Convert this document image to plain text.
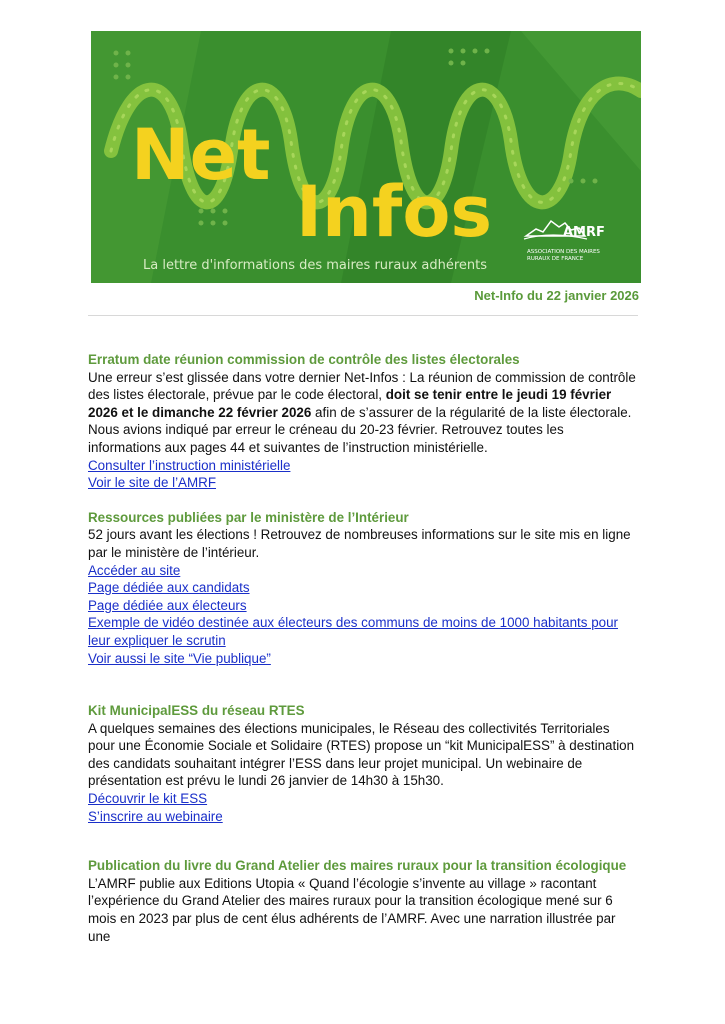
Net
Infos
La lettre d'informations des maires ruraux adhérents
AMRF
ASSOCIATION DES MAIRES
RURAUX DE FRANCE
Net-Info du 22 janvier 2026
Erratum date réunion commission de contrôle des listes électorales
Une erreur s’est glissée dans votre dernier Net-Infos : La réunion de commission de contrôle des listes électorale, prévue par le code électoral, doit se tenir entre le jeudi 19 février 2026 et le dimanche 22 février 2026 afin de s’assurer de la régularité de la liste électorale. Nous avions indiqué par erreur le créneau du 20-23 février. Retrouvez toutes les informations aux pages 44 et suivantes de l’instruction ministérielle.
Consulter l’instruction ministérielle
Voir le site de l’AMRF
Ressources publiées par le ministère de l’Intérieur
52 jours avant les élections ! Retrouvez de nombreuses informations sur le site mis en ligne par le ministère de l’intérieur.
Accéder au site
Page dédiée aux candidats
Page dédiée aux électeurs
Exemple de vidéo destinée aux électeurs des communs de moins de 1000 habitants pour leur expliquer le scrutin
Voir aussi le site “Vie publique”
Kit MunicipalESS du réseau RTES
A quelques semaines des élections municipales, le Réseau des collectivités Territoriales pour une Économie Sociale et Solidaire (RTES) propose un “kit MunicipalESS” à destination des candidats souhaitant intégrer l’ESS dans leur projet municipal. Un webinaire de présentation est prévu le lundi 26 janvier de 14h30 à 15h30.
Découvrir le kit ESS
S’inscrire au webinaire
Publication du livre du Grand Atelier des maires ruraux pour la transition écologique
L’AMRF publie aux Editions Utopia « Quand l’écologie s’invente au village » racontant l’expérience du Grand Atelier des maires ruraux pour la transition écologique mené sur 6 mois en 2023 par plus de cent élus adhérents de l’AMRF. Avec une narration illustrée par une
